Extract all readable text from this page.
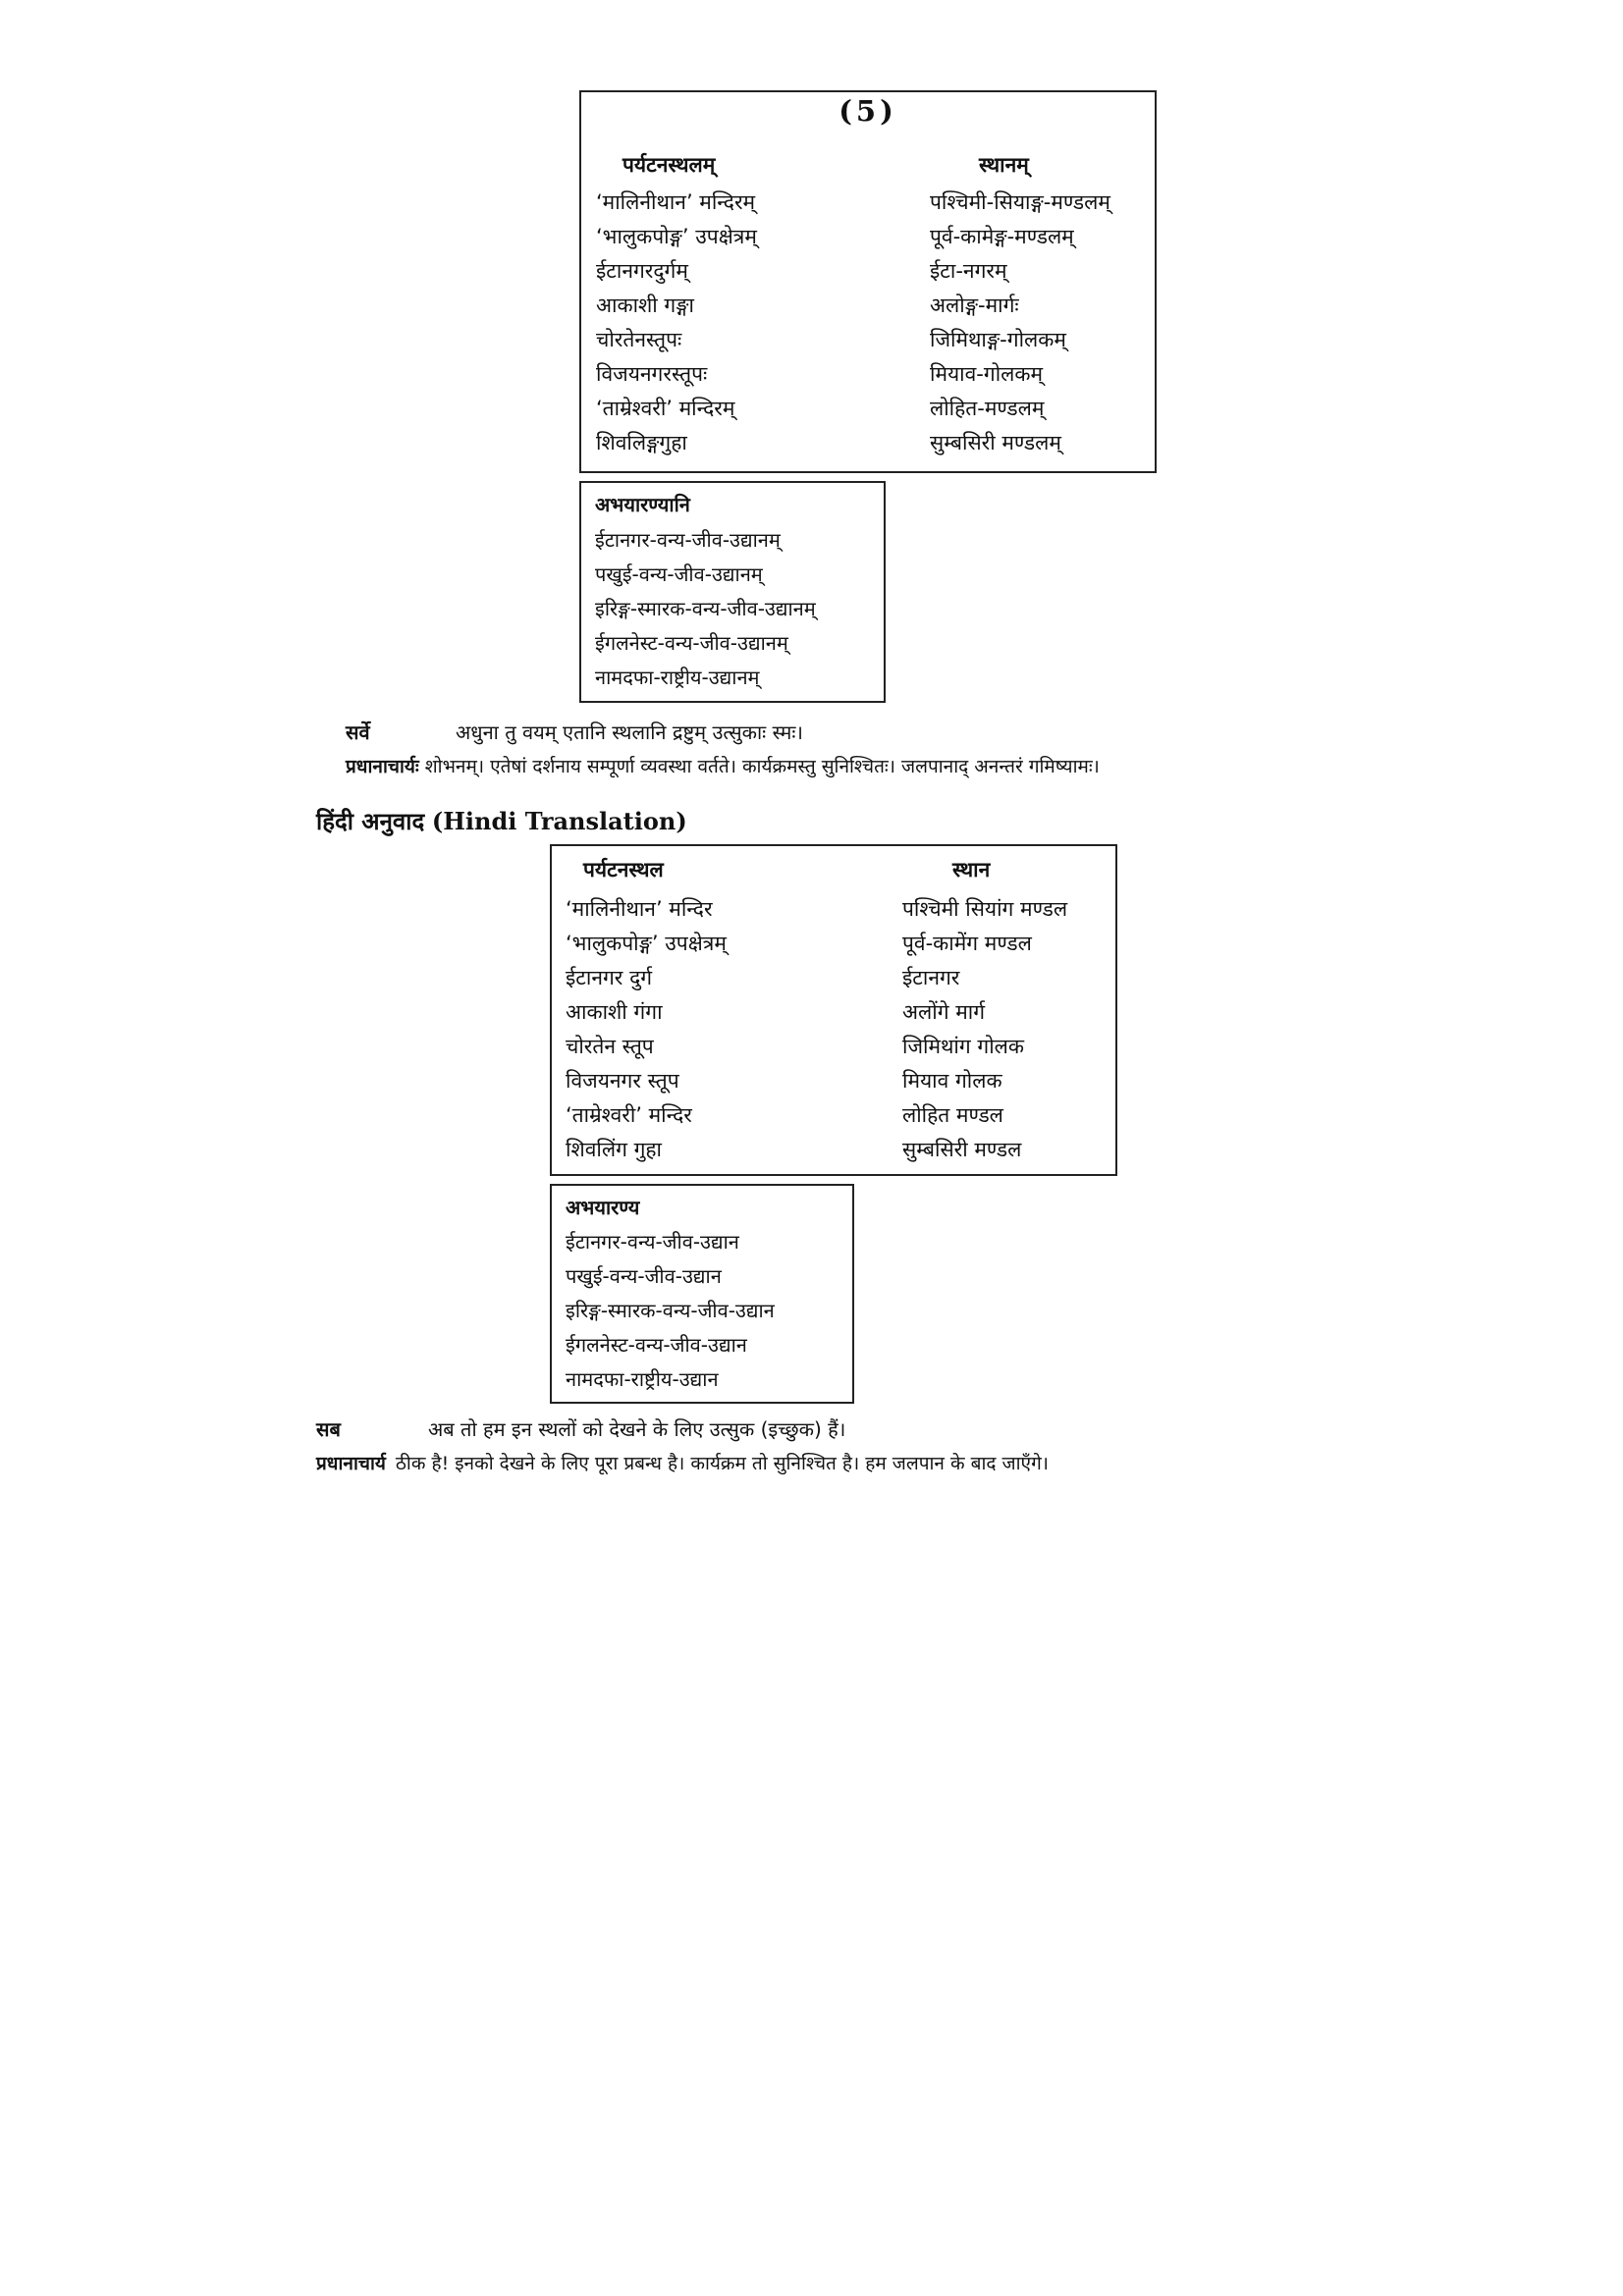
(5)
पर्यटनस्थलम्	स्थानम्
‘मालिनीथान’ मन्दिरम्	पश्चिमी-सियाङ्ग-मण्डलम्
‘भालुकपोङ्ग’ उपक्षेत्रम्	पूर्व-कामेङ्ग-मण्डलम्
ईटानगरदुर्गम्	ईटा-नगरम्
आकाशी गङ्गा	अलोङ्ग-मार्गः
चोरतेनस्तूपः	जिमिथाङ्ग-गोलकम्
विजयनगरस्तूपः	मियाव-गोलकम्
‘ताम्रेश्वरी’ मन्दिरम्	लोहित-मण्डलम्
शिवलिङ्गगुहा	सुम्बसिरी मण्डलम्
अभयारण्यानि
ईटानगर-वन्य-जीव-उद्यानम्
पखुई-वन्य-जीव-उद्यानम्
इरिङ्ग-स्मारक-वन्य-जीव-उद्यानम्
ईगलनेस्ट-वन्य-जीव-उद्यानम्
नामदफा-राष्ट्रीय-उद्यानम्
सर्वे	अधुना तु वयम् एतानि स्थलानि द्रष्टुम् उत्सुकाः स्मः।
प्रधानाचार्यः शोभनम्। एतेषां दर्शनाय सम्पूर्णा व्यवस्था वर्तते। कार्यक्रमस्तु सुनिश्चितः। जलपानाद् अनन्तरं गमिष्यामः।
हिंदी अनुवाद (Hindi Translation)
पर्यटनस्थल	स्थान
‘मालिनीथान’ मन्दिर	पश्चिमी सियांग मण्डल
‘भालुकपोङ्ग’ उपक्षेत्रम्	पूर्व-कामेंग मण्डल
ईटानगर दुर्ग	ईटानगर
आकाशी गंगा	अलोंगे मार्ग
चोरतेन स्तूप	जिमिथांग गोलक
विजयनगर स्तूप	मियाव गोलक
‘ताम्रेश्वरी’ मन्दिर	लोहित मण्डल
शिवलिंग गुहा	सुम्बसिरी मण्डल
अभयारण्य
ईटानगर-वन्य-जीव-उद्यान
पखुई-वन्य-जीव-उद्यान
इरिङ्ग-स्मारक-वन्य-जीव-उद्यान
ईगलनेस्ट-वन्य-जीव-उद्यान
नामदफा-राष्ट्रीय-उद्यान
सब	अब तो हम इन स्थलों को देखने के लिए उत्सुक (इच्छुक) हैं।
प्रधानाचार्य ठीक है! इनको देखने के लिए पूरा प्रबन्ध है। कार्यक्रम तो सुनिश्चित है। हम जलपान के बाद जाएँगे।
